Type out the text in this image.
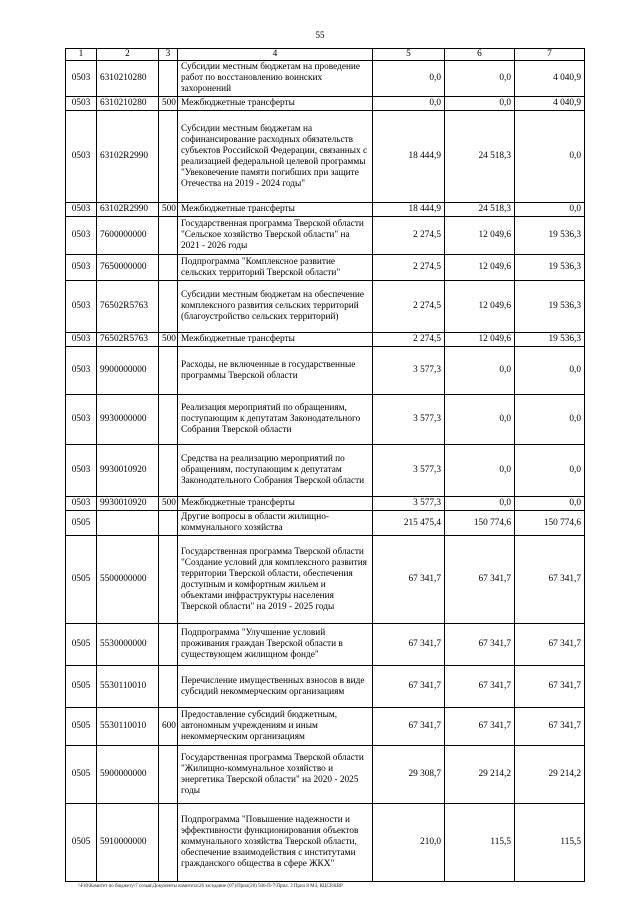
55
1	2	3	4	5	6	7
0503	6310210280		Субсидии местным бюджетам на проведение работ по восстановлению воинских захоронений	0,0	0,0	4 040,9
0503	6310210280	500	Межбюджетные трансферты	0,0	0,0	4 040,9
0503	63102R2990		Субсидии местным бюджетам на софинансирование расходных обязательств субъектов Российской Федерации, связанных с реализацией федеральной целевой программы "Увековечение памяти погибших при защите Отечества на 2019 - 2024 годы"	18 444,9	24 518,3	0,0
0503	63102R2990	500	Межбюджетные трансферты	18 444,9	24 518,3	0,0
0503	7600000000		Государственная программа Тверской области "Сельское хозяйство Тверской области" на 2021 - 2026 годы	2 274,5	12 049,6	19 536,3
0503	7650000000		Подпрограмма "Комплексное развитие сельских территорий Тверской области"	2 274,5	12 049,6	19 536,3
0503	76502R5763		Субсидии местным бюджетам на обеспечение комплексного развития сельских территорий (благоустройство сельских территорий)	2 274,5	12 049,6	19 536,3
0503	76502R5763	500	Межбюджетные трансферты	2 274,5	12 049,6	19 536,3
0503	9900000000		Расходы, не включенные в государственные программы Тверской области	3 577,3	0,0	0,0
0503	9930000000		Реализация мероприятий по обращениям, поступающим к депутатам Законодательного Собрания Тверской области	3 577,3	0,0	0,0
0503	9930010920		Средства на реализацию мероприятий по обращениям, поступающим к депутатам Законодательного Собрания Тверской области	3 577,3	0,0	0,0
0503	9930010920	500	Межбюджетные трансферты	3 577,3	0,0	0,0
0505			Другие вопросы в области жилищно-коммунального хозяйства	215 475,4	150 774,6	150 774,6
0505	5500000000		Государственная программа Тверской области "Создание условий для комплексного развития территории Тверской области, обеспечения доступным и комфортным жильем и объектами инфраструктуры населения Тверской области" на 2019 - 2025 годы	67 341,7	67 341,7	67 341,7
0505	5530000000		Подпрограмма "Улучшение условий проживания граждан Тверской области в существующем жилищном фонде"	67 341,7	67 341,7	67 341,7
0505	5530110010		Перечисление имущественных взносов в виде субсидий некоммерческим организациям	67 341,7	67 341,7	67 341,7
0505	5530110010	600	Предоставление субсидий бюджетным, автономным учреждениям и иным некоммерческим организациям	67 341,7	67 341,7	67 341,7
0505	5900000000		Государственная программа Тверской области "Жилищно-коммунальное хозяйство и энергетика Тверской области" на 2020 - 2025 годы	29 308,7	29 214,2	29 214,2
0505	5910000000		Подпрограмма "Повышение надежности и эффективности функционирования объектов коммунального хозяйства Тверской области, обеспечение взаимодействия с институтами гражданского общества в сфере ЖКХ"	210,0	115,5	115,5
\\Fs0\Комитет по бюджету\7 созыв\Документы комитета\26 заседание (07)\Прил(28) 506-П-7\Прил. 3 Прил 8 МЗ, КЦСР.КВР
